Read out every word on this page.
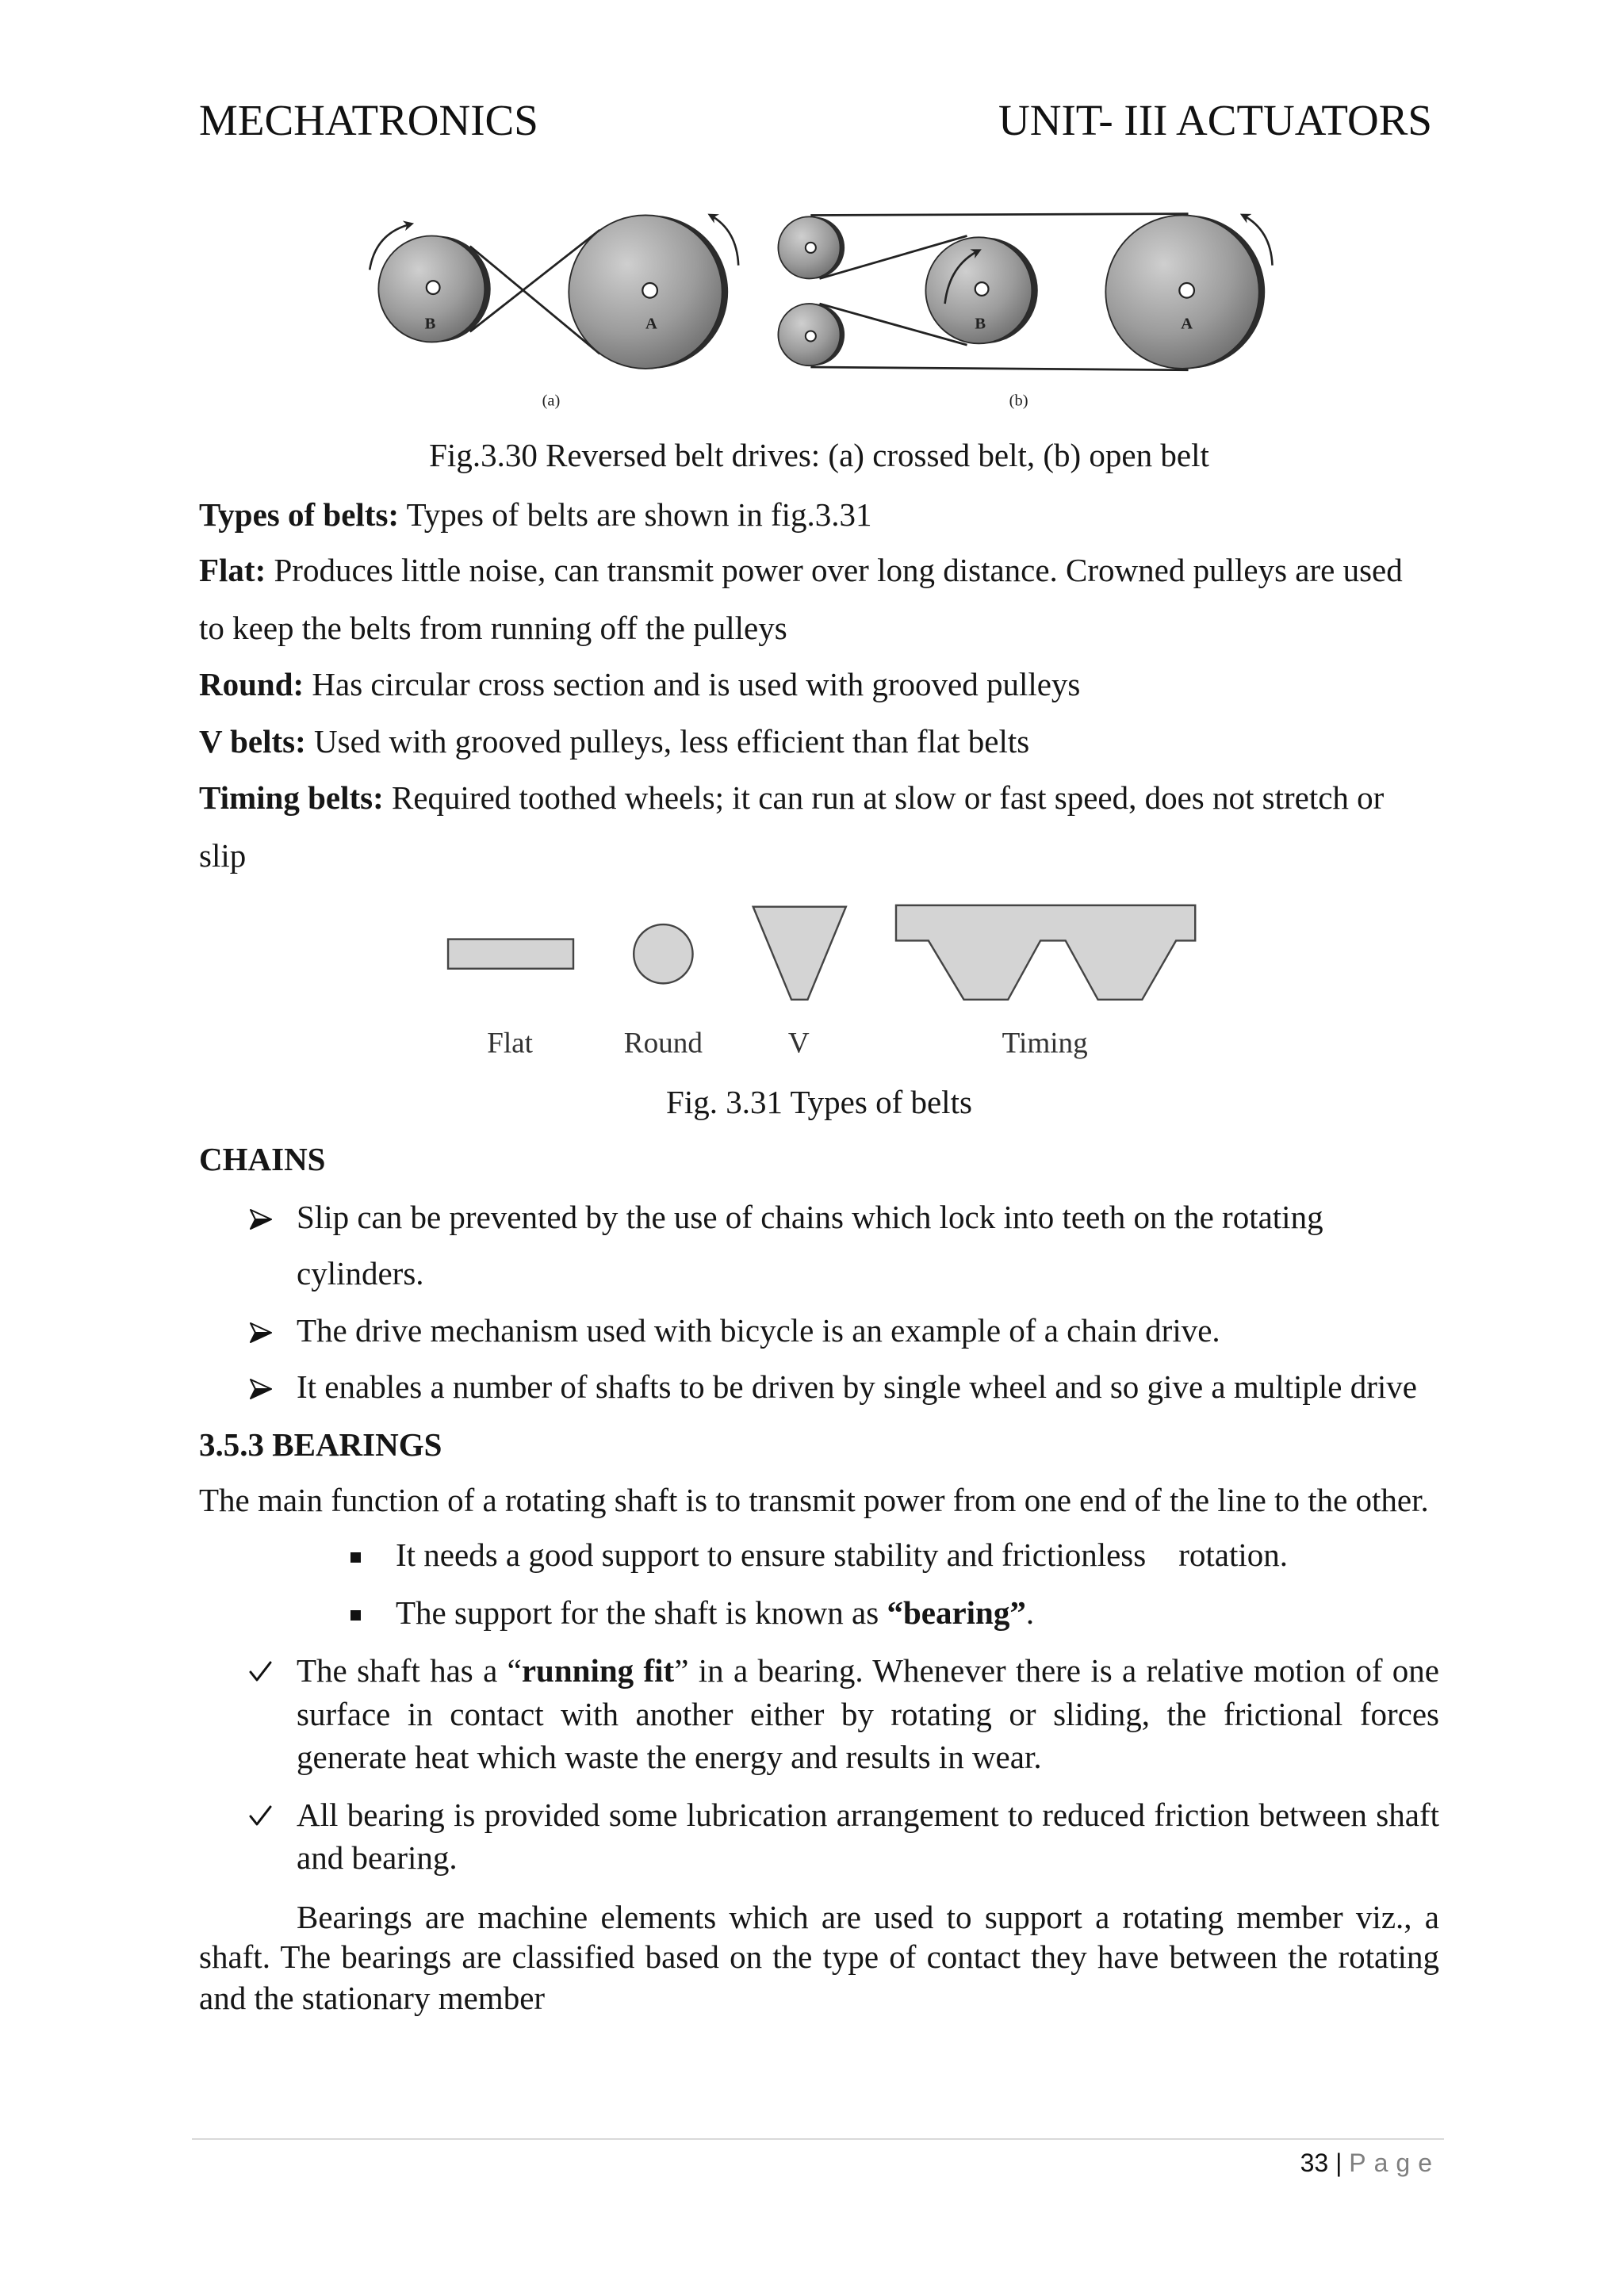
MECHATRONICS	UNIT- III ACTUATORS
B	A
(a)
B	A
(b)
Fig.3.30 Reversed belt drives: (a) crossed belt, (b) open belt
Types of belts: Types of belts are shown in fig.3.31
Flat: Produces little noise, can transmit power over long distance. Crowned pulleys are used
to keep the belts from running off the pulleys
Round: Has circular cross section and is used with grooved pulleys
V belts: Used with grooved pulleys, less efficient than flat belts
Timing belts: Required toothed wheels; it can run at slow or fast speed, does not stretch or
slip
Flat	Round	V	Timing
Fig. 3.31 Types of belts
CHAINS
Slip can be prevented by the use of chains which lock into teeth on the rotating
cylinders.
The drive mechanism used with bicycle is an example of a chain drive.
It enables a number of shafts to be driven by single wheel and so give a multiple drive
3.5.3 BEARINGS
The main function of a rotating shaft is to transmit power from one end of the line to the other.
It needs a good support to ensure stability and frictionless    rotation.
The support for the shaft is known as “bearing”.
The shaft has a “running fit” in a bearing. Whenever there is a relative motion of one
surface in contact with another either by rotating or sliding, the frictional forces
generate heat which waste the energy and results in wear.
All bearing is provided some lubrication arrangement to reduced friction between shaft
and bearing.
Bearings are machine elements which are used to support a rotating member viz., a
shaft. The bearings are classified based on the type of contact they have between the rotating
and the stationary member
33 | Page
